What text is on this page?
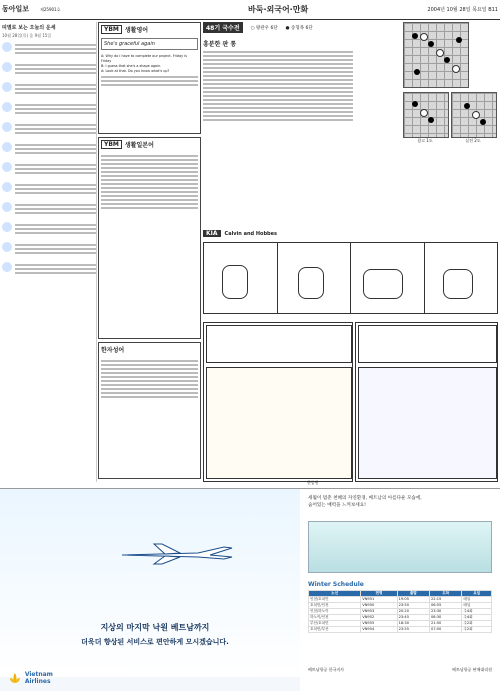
동아일보	제25901호	바둑·외국어·만화	2004년 10월 28일 목요일 B11
띠별로 보는 오늘의 운세
10월 28일(목) 음 9월 15일
YBM	생활영어
She's graceful again
A: Why do I have to complete our project. Friday is Friday
B: I guess that she's a shape again.
A: Look at that. Do you know what's up?
YBM	생활일본어
한자성어
48기 국수전	○ 왕관우 6단 ● 송형목 6단
흥분한 판 통
참고 1도	실전 2도
KIA	Calvin and Hobbes
한종현
지상의 마지막 낙원 베트남까지
더욱더 향상된 서비스로 편안하게 모시겠습니다.
Vietnam Airlines
세월이 멈춘 천혜의 자연환경, 베트남의 아름다운 모습에,
숨어있는 매력을 느껴보세요!
Winter Schedule
노선	편명	출발	도착	요일
인천/호치민	VN951	19:05	22:15	매일
호치민/인천	VN950	23:50	06:55	매일
인천/하노이	VN953	20:20	23:30	주4회
하노이/인천	VN952	23:45	06:30	주4회
부산/호치민	VN955	18:30	21:50	주2회
호치민/부산	VN954	23:55	07:00	주2회
베트남항공 한국지사	베트남항공 판매대리점
